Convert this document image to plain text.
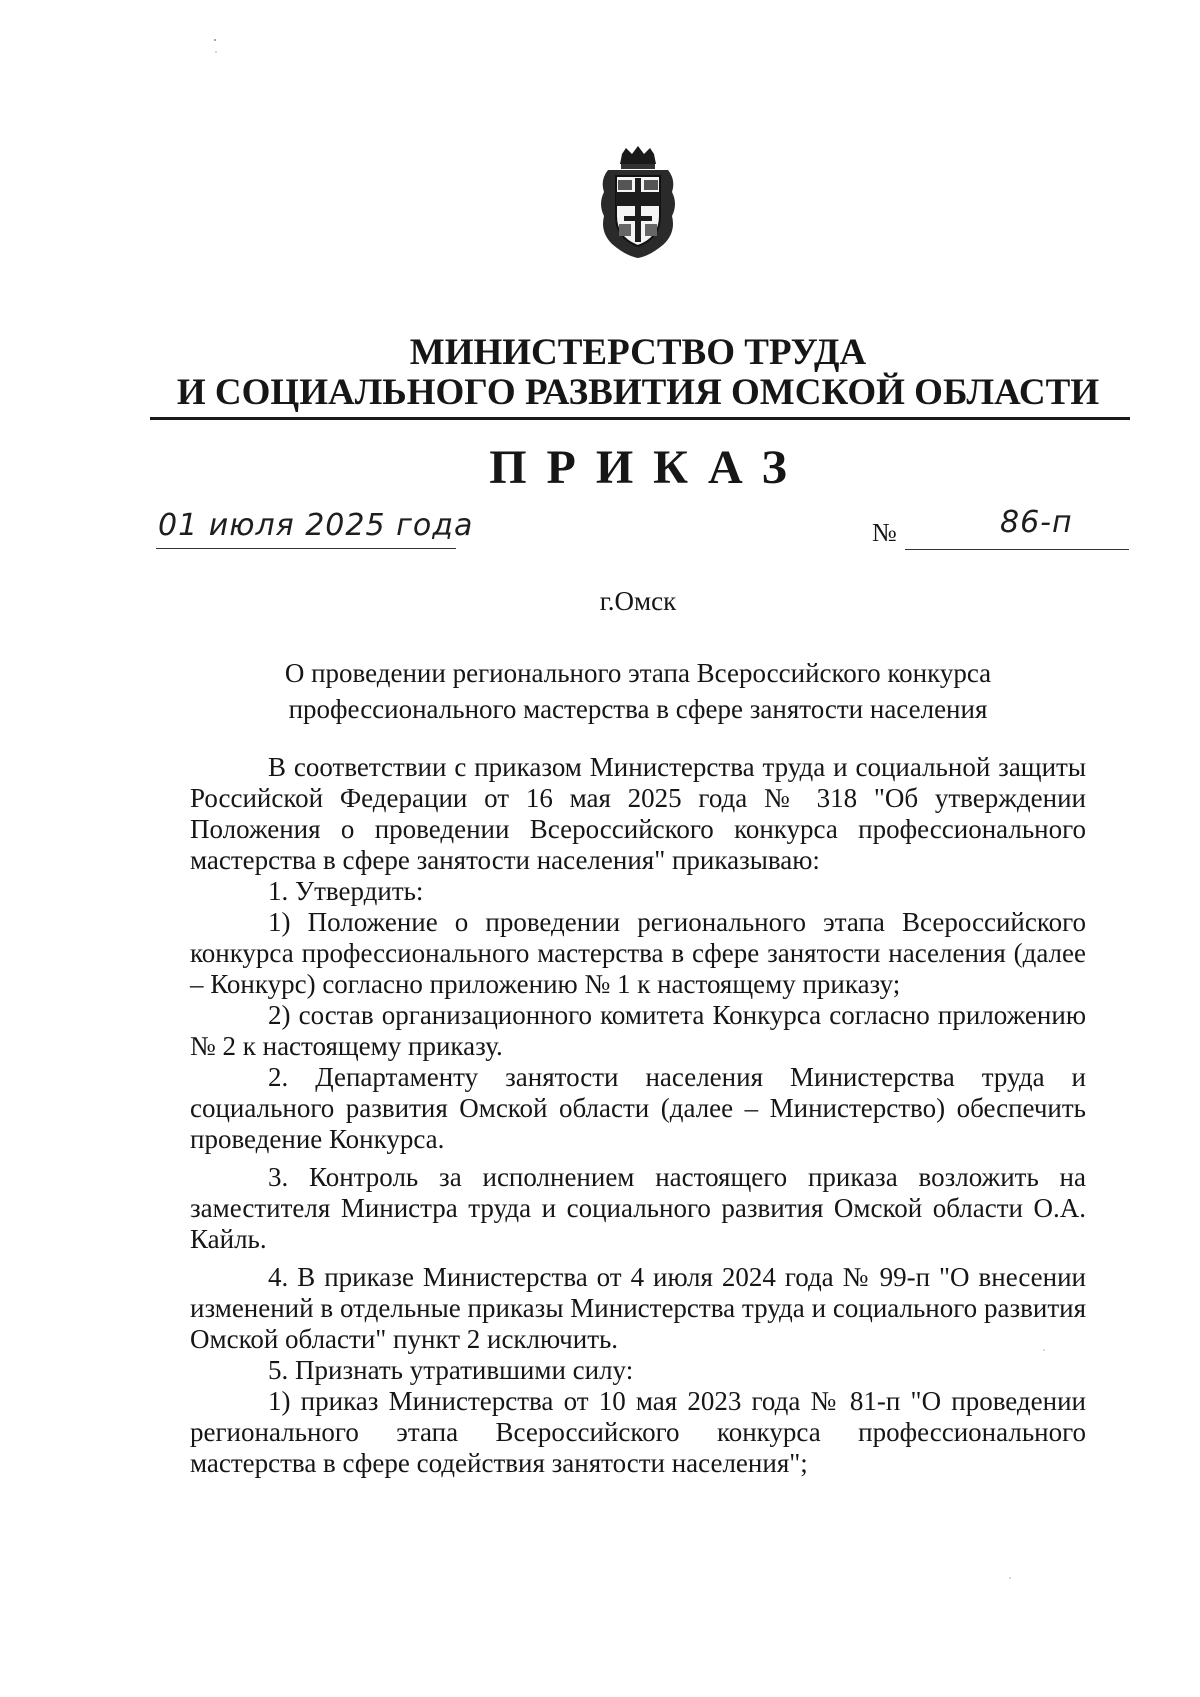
МИНИСТЕРСТВО ТРУДА
И СОЦИАЛЬНОГО РАЗВИТИЯ ОМСКОЙ ОБЛАСТИ
ПРИКАЗ
01 июля 2025 года	№	86-п
г.Омск

О проведении регионального этапа Всероссийского конкурса
профессионального мастерства в сфере занятости населения

В соответствии с приказом Министерства труда и социальной защиты Российской Федерации от 16 мая 2025 года № 318 "Об утверждении Положения о проведении Всероссийского конкурса профессионального мастерства в сфере занятости населения" приказываю:

1. Утвердить:

1) Положение о проведении регионального этапа Всероссийского конкурса профессионального мастерства в сфере занятости населения (далее – Конкурс) согласно приложению № 1 к настоящему приказу;

2) состав организационного комитета Конкурса согласно приложению № 2 к настоящему приказу.

2. Департаменту занятости населения Министерства труда и социального развития Омской области (далее – Министерство) обеспечить проведение Конкурса.

3. Контроль за исполнением настоящего приказа возложить на заместителя Министра труда и социального развития Омской области О.А. Кайль.

4. В приказе Министерства от 4 июля 2024 года № 99-п "О внесении изменений в отдельные приказы Министерства труда и социального развития Омской области" пункт 2 исключить.

5. Признать утратившими силу:

1) приказ Министерства от 10 мая 2023 года № 81-п "О проведении регионального этапа Всероссийского конкурса профессионального мастерства в сфере содействия занятости населения";
